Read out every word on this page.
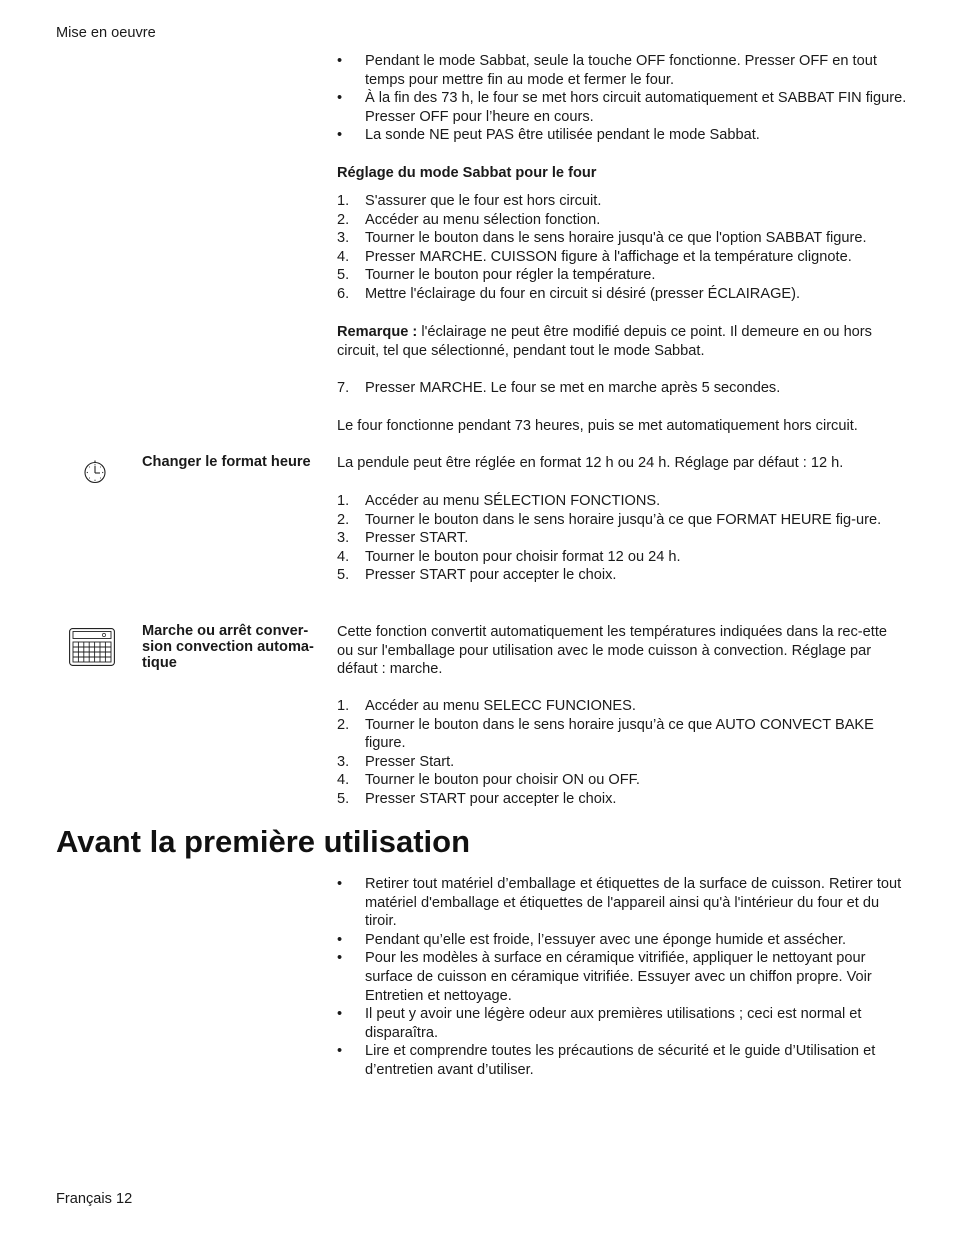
Mise en oeuvre
• Pendant le mode Sabbat, seule la touche OFF fonctionne. Presser OFF en tout temps pour mettre fin au mode et fermer le four.
• À la fin des 73 h, le four se met hors circuit automatiquement et SABBAT FIN figure. Presser OFF pour l’heure en cours.
• La sonde NE peut PAS être utilisée pendant le mode Sabbat.

Réglage du mode Sabbat pour le four

1. S'assurer que le four est hors circuit.
2. Accéder au menu sélection fonction.
3. Tourner le bouton dans le sens horaire jusqu'à ce que l'option SABBAT figure.
4. Presser MARCHE. CUISSON figure à l'affichage et la température clignote.
5. Tourner le bouton pour régler la température.
6. Mettre l'éclairage du four en circuit si désiré (presser ÉCLAIRAGE).

Remarque : l'éclairage ne peut être modifié depuis ce point. Il demeure en ou hors circuit, tel que sélectionné, pendant tout le mode Sabbat.

7. Presser MARCHE. Le four se met en marche après 5 secondes.

Le four fonctionne pendant 73 heures, puis se met automatiquement hors circuit.

Changer le format heure	La pendule peut être réglée en format 12 h ou 24 h. Réglage par défaut : 12 h.

1. Accéder au menu SÉLECTION FONCTIONS.
2. Tourner le bouton dans le sens horaire jusqu’à ce que FORMAT HEURE fig-ure.
3. Presser START.
4. Tourner le bouton pour choisir format 12 ou 24 h.
5. Presser START pour accepter le choix.
Marche ou arrêt conver-sion convection automa-tique

Cette fonction convertit automatiquement les températures indiquées dans la rec-ette ou sur l'emballage pour utilisation avec le mode cuisson à convection. Réglage par défaut : marche.

1. Accéder au menu SELECC FUNCIONES.
2. Tourner le bouton dans le sens horaire jusqu’à ce que AUTO CONVECT BAKE figure.
3. Presser Start.
4. Tourner le bouton pour choisir ON ou OFF.
5. Presser START pour accepter le choix.
Avant la première utilisation
• Retirer tout matériel d’emballage et étiquettes de la surface de cuisson. Retirer tout matériel d'emballage et étiquettes de l'appareil ainsi qu'à l'intérieur du four et du tiroir.
• Pendant qu’elle est froide, l’essuyer avec une éponge humide et assécher.
• Pour les modèles à surface en céramique vitrifiée, appliquer le nettoyant pour surface de cuisson en céramique vitrifiée. Essuyer avec un chiffon propre. Voir Entretien et nettoyage.
• Il peut y avoir une légère odeur aux premières utilisations ; ceci est normal et disparaîtra.
• Lire et comprendre toutes les précautions de sécurité et le guide d’Utilisation et d’entretien avant d’utiliser.
Français 12
